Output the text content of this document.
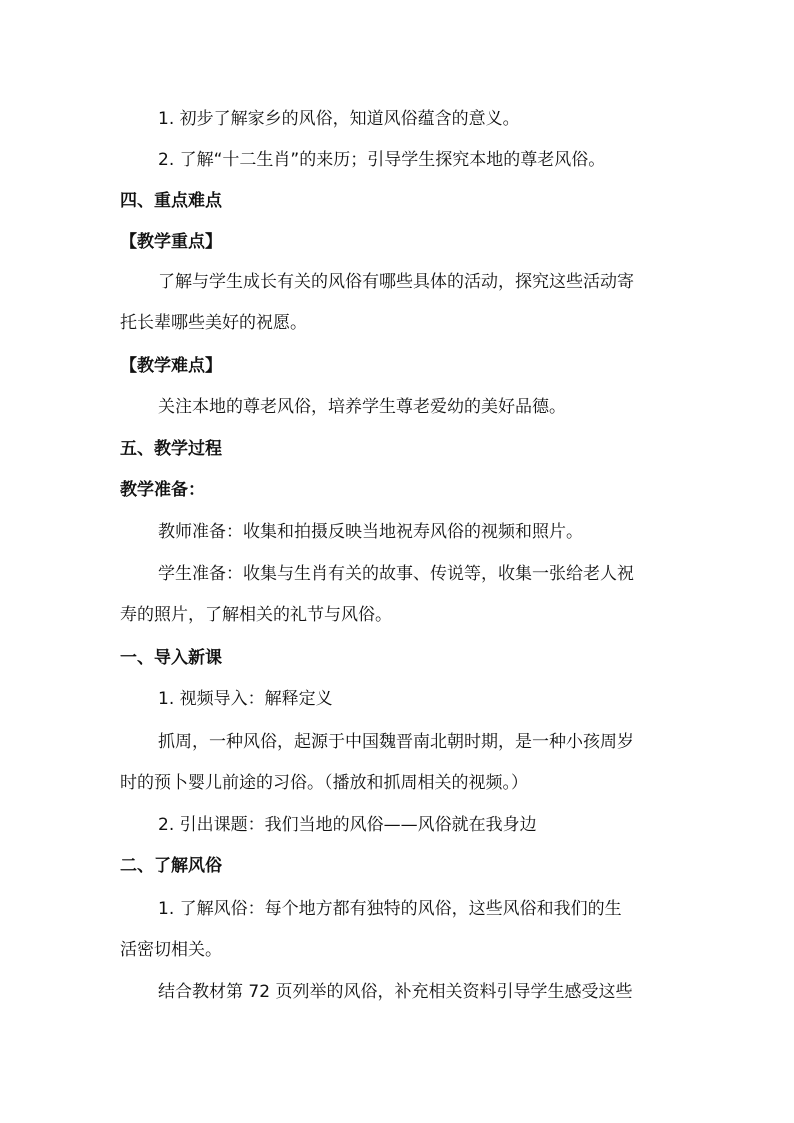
1. 初步了解家乡的风俗，知道风俗蕴含的意义。
2. 了解“十二生肖”的来历；引导学生探究本地的尊老风俗。
四、重点难点
【教学重点】
了解与学生成长有关的风俗有哪些具体的活动，探究这些活动寄
托长辈哪些美好的祝愿。
【教学难点】
关注本地的尊老风俗，培养学生尊老爱幼的美好品德。
五、教学过程
教学准备：
教师准备：收集和拍摄反映当地祝寿风俗的视频和照片。
学生准备：收集与生肖有关的故事、传说等，收集一张给老人祝
寿的照片，了解相关的礼节与风俗。
一、导入新课
1. 视频导入：解释定义
抓周，一种风俗，起源于中国魏晋南北朝时期，是一种小孩周岁
时的预卜婴儿前途的习俗。（播放和抓周相关的视频。）
2. 引出课题：我们当地的风俗——风俗就在我身边
二、了解风俗
1. 了解风俗：每个地方都有独特的风俗，这些风俗和我们的生
活密切相关。
结合教材第 72 页列举的风俗，补充相关资料引导学生感受这些
